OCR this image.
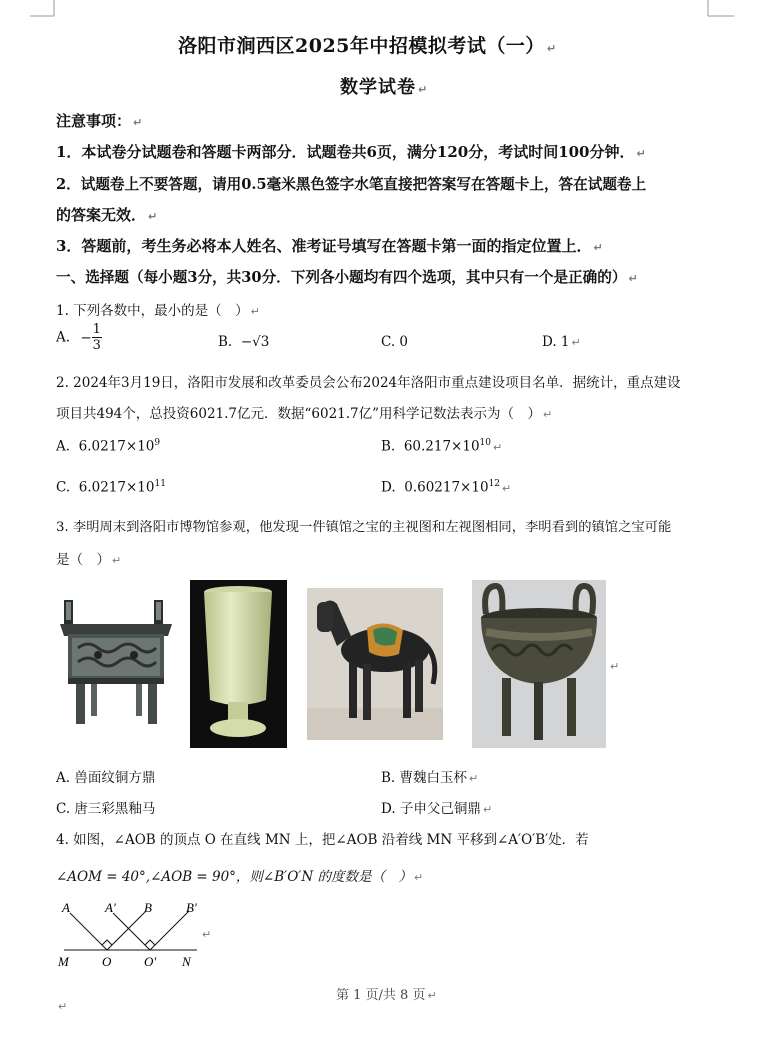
洛阳市涧西区2025年中招模拟考试（一） ↵
数学试卷 ↵
注意事项： ↵
1．本试卷分试题卷和答题卡两部分．试题卷共6页，满分120分，考试时间100分钟． ↵
2．试题卷上不要答题，请用0.5毫米黑色签字水笔直接把答案写在答题卡上，答在试题卷上
的答案无效． ↵
3．答题前，考生务必将本人姓名、准考证号填写在答题卡第一面的指定位置上． ↵
一、选择题（每小题3分，共30分．下列各小题均有四个选项，其中只有一个是正确的） ↵
1. 下列各数中，最小的是（　） ↵
A. − $\frac{1}{3}$	B. −√3	C. 0	D. 1 ↵
2. 2024年3月19日，洛阳市发展和改革委员会公布2024年洛阳市重点建设项目名单．据统计，重点建设
项目共494个，总投资6021.7亿元．数据“6021.7亿”用科学记数法表示为（　） ↵
A. $6.0217\times 10^9$	B. $60.217\times 10^{10}$ ↵
C. $6.0217\times 10^{11}$	D. $0.60217\times 10^{12}$ ↵
3. 李明周末到洛阳市博物馆参观，他发现一件镇馆之宝的主视图和左视图相同，李明看到的镇馆之宝可能
是（　） ↵
↵
A. 兽面纹铜方鼎	B. 曹魏白玉杯 ↵
C. 唐三彩黑釉马	D. 子申父己铜鼎 ↵
4. 如图，∠AOB 的顶点 O 在直线 MN 上，把∠AOB 沿着线 MN 平移到∠A′O′B′处．若
∠AOM = 40°,∠AOB = 90°，则∠B′O′N 的度数是（　） ↵
A	A′ B	B′
M	O	O′ N
↵
第 1 页/共 8 页 ↵
↵
